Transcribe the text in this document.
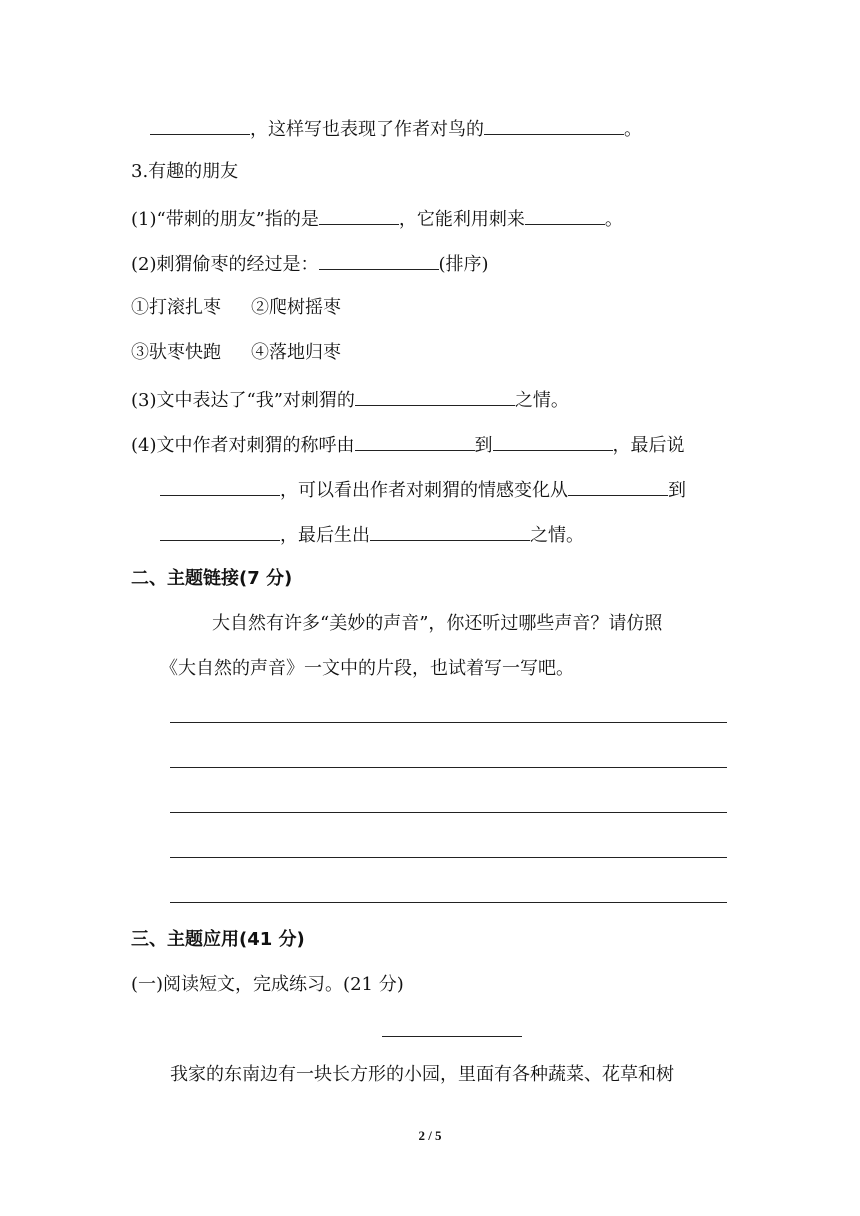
，这样写也表现了作者对鸟的	。
3.有趣的朋友
(1)“带刺的朋友”指的是	，它能利用刺来	。
(2)刺猬偷枣的经过是：	(排序)
①打滚扎枣 ②爬树摇枣
③驮枣快跑 ④落地归枣
(3)文中表达了“我”对刺猬的	之情。
(4)文中作者对刺猬的称呼由	到	，最后说
，可以看出作者对刺猬的情感变化从	到
，最后生出	之情。
二、主题链接(7 分)
大自然有许多“美妙的声音”，你还听过哪些声音？请仿照
《大自然的声音》一文中的片段，也试着写一写吧。
三、主题应用(41 分)
(一)阅读短文，完成练习。(21 分)
我家的东南边有一块长方形的小园，里面有各种蔬菜、花草和树
2 / 5
